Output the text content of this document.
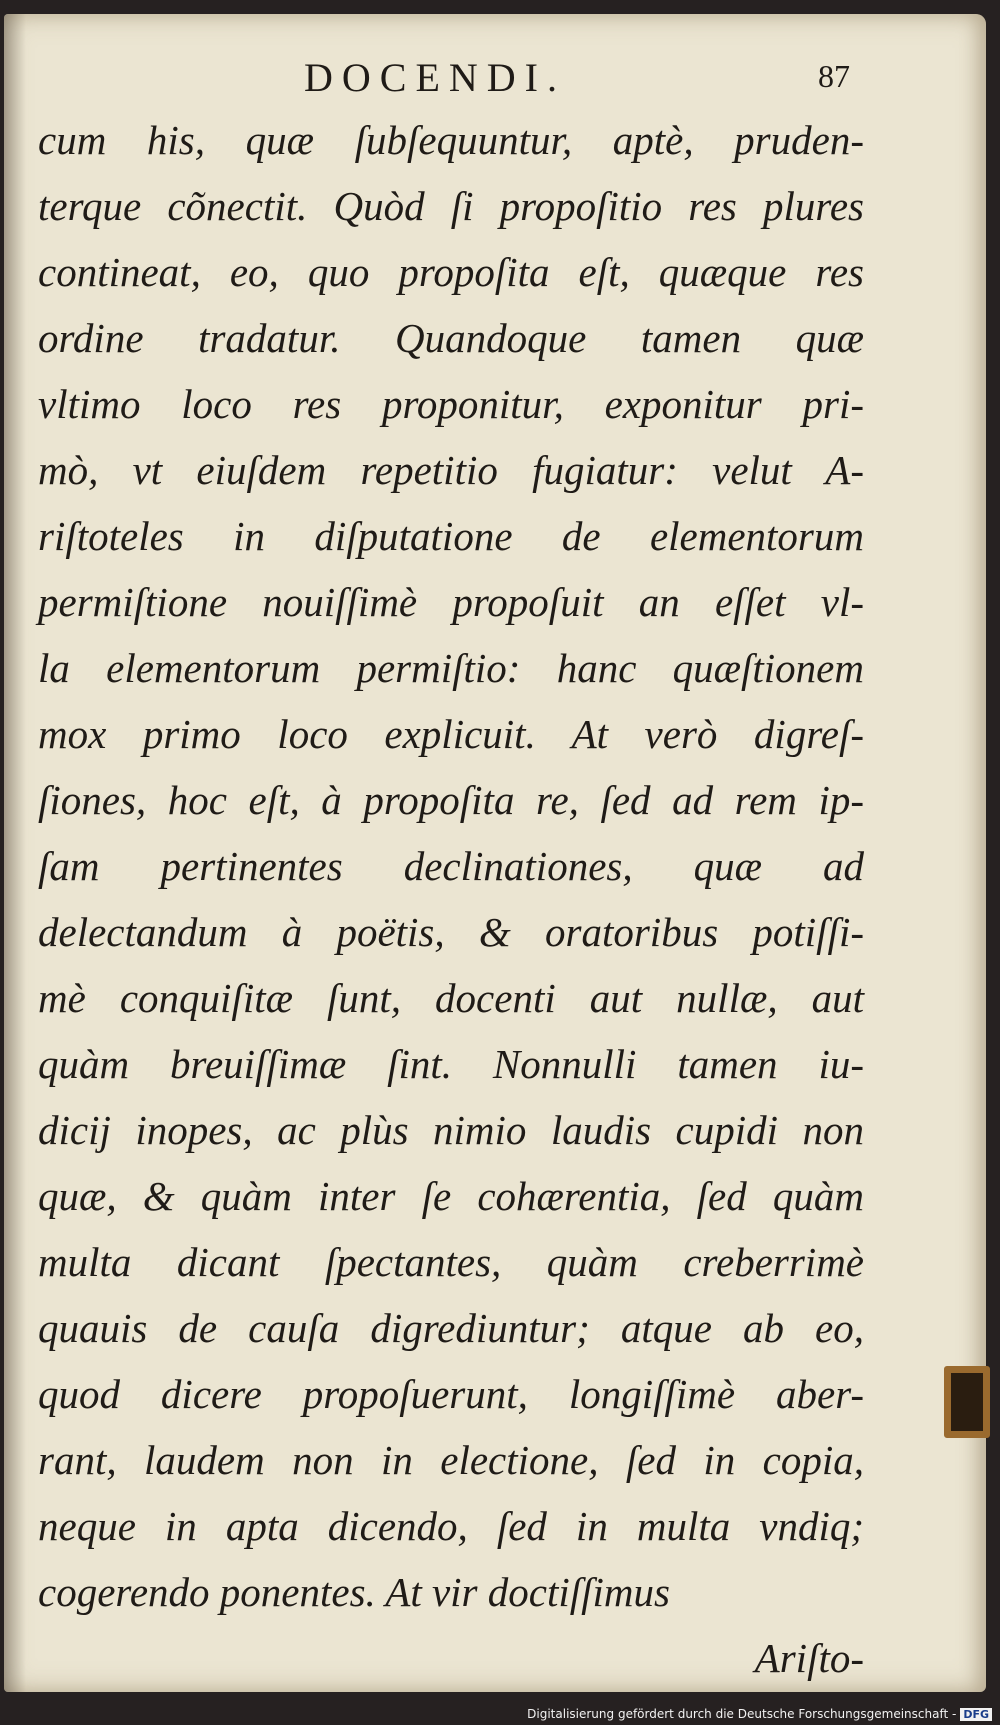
DOCENDI.	87
cum his, quæ ſubſequuntur, aptè, pruden-
terque cõnectit. Quòd ſi propoſitio res plures
contineat, eo, quo propoſita eſt, quæque res
ordine tradatur. Quandoque tamen quæ
vltimo loco res proponitur, exponitur pri-
mò, vt eiuſdem repetitio fugiatur: velut A-
riſtoteles in diſputatione de elementorum
permiſtione nouiſſimè propoſuit an eſſet vl-
la elementorum permiſtio: hanc quæſtionem
mox primo loco explicuit. At verò digreſ-
ſiones, hoc eſt, à propoſita re, ſed ad rem ip-
ſam pertinentes declinationes, quæ ad
delectandum à poëtis, & oratoribus potiſſi-
mè conquiſitæ ſunt, docenti aut nullæ, aut
quàm breuiſſimæ ſint. Nonnulli tamen iu-
dicij inopes, ac plùs nimio laudis cupidi non
quæ, & quàm inter ſe cohærentia, ſed quàm
multa dicant ſpectantes, quàm creberrimè
quauis de cauſa digrediuntur; atque ab eo,
quod dicere propoſuerunt, longiſſimè aber-
rant, laudem non in electione, ſed in copia,
neque in apta dicendo, ſed in multa vndiq;
cogerendo ponentes. At vir doctiſſimus
Ariſto-
Digitalisierung gefördert durch die Deutsche Forschungsgemeinschaft - DFG
